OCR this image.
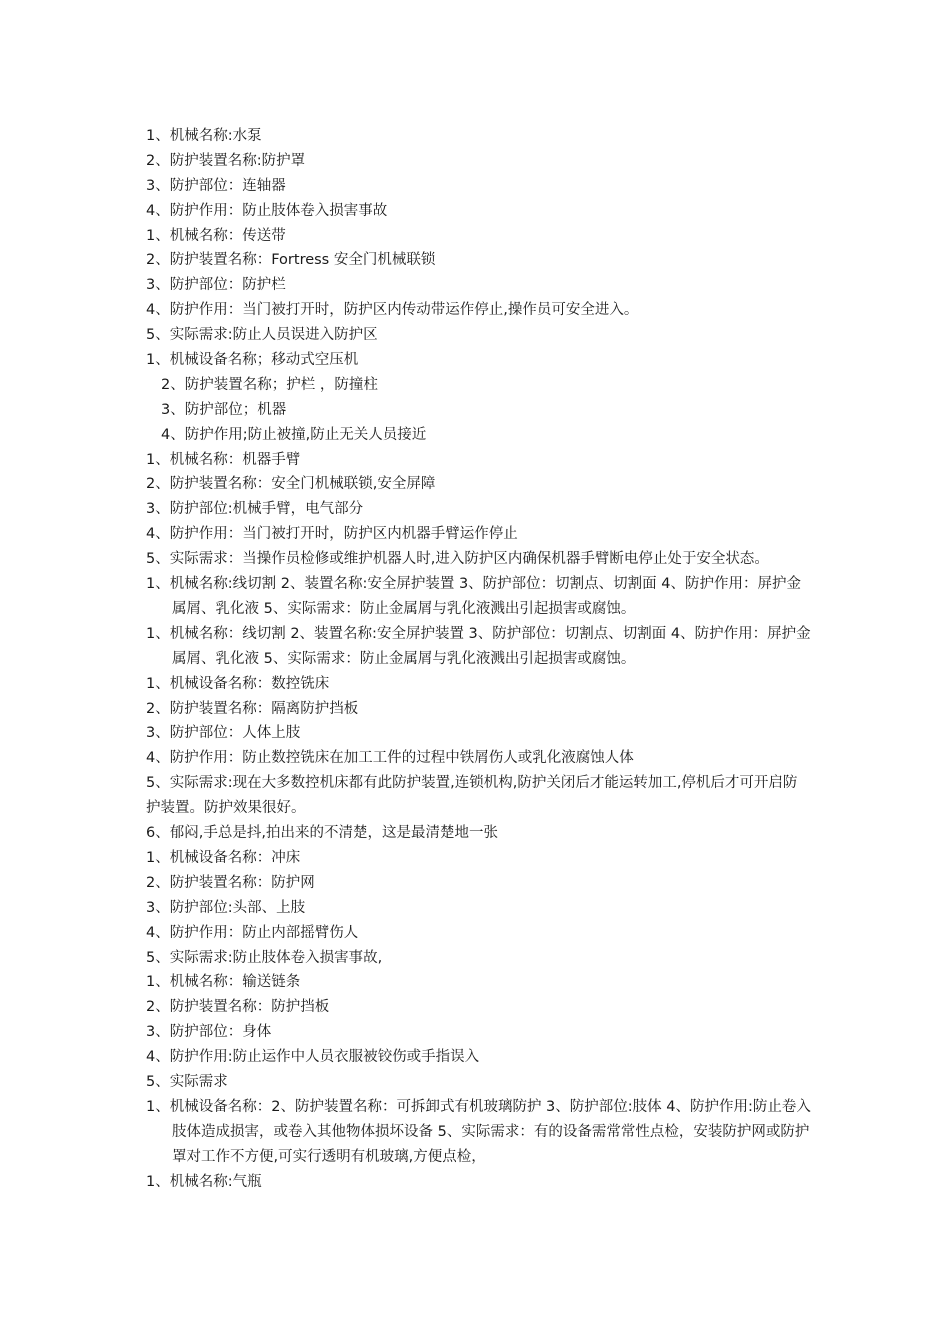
1、机械名称:水泵
2、防护装置名称:防护罩
3、防护部位：连轴器
4、防护作用：防止肢体卷入损害事故
1、机械名称：传送带
2、防护装置名称：Fortress 安全门机械联锁
3、防护部位：防护栏
4、防护作用：当门被打开时，防护区内传动带运作停止,操作员可安全进入。
5、实际需求:防止人员误进入防护区
1、机械设备名称；移动式空压机
2、防护装置名称；护栏 ，防撞柱
3、防护部位；机器
4、防护作用;防止被撞,防止无关人员接近
1、机械名称：机器手臂
2、防护装置名称：安全门机械联锁,安全屏障
3、防护部位:机械手臂，电气部分
4、防护作用：当门被打开时，防护区内机器手臂运作停止
5、实际需求：当操作员检修或维护机器人时,进入防护区内确保机器手臂断电停止处于安全状态。
1、机械名称:线切割 2、装置名称:安全屏护装置 3、防护部位：切割点、切割面 4、防护作用：屏护金属屑、乳化液 5、实际需求：防止金属屑与乳化液溅出引起损害或腐蚀。
1、机械名称：线切割 2、装置名称:安全屏护装置 3、防护部位：切割点、切割面 4、防护作用：屏护金属屑、乳化液 5、实际需求：防止金属屑与乳化液溅出引起损害或腐蚀。
1、机械设备名称：数控铣床
2、防护装置名称：隔离防护挡板
3、防护部位：人体上肢
4、防护作用：防止数控铣床在加工工件的过程中铁屑伤人或乳化液腐蚀人体
5、实际需求:现在大多数控机床都有此防护装置,连锁机构,防护关闭后才能运转加工,停机后才可开启防护装置。防护效果很好。
6、郁闷,手总是抖,拍出来的不清楚，这是最清楚地一张
1、机械设备名称：冲床
2、防护装置名称：防护网
3、防护部位:头部、上肢
4、防护作用：防止内部摇臂伤人
5、实际需求:防止肢体卷入损害事故,
1、机械名称：输送链条
2、防护装置名称：防护挡板
3、防护部位：身体
4、防护作用:防止运作中人员衣服被铰伤或手指误入
5、实际需求
1、机械设备名称：2、防护装置名称：可拆卸式有机玻璃防护 3、防护部位:肢体 4、防护作用:防止卷入肢体造成损害，或卷入其他物体损坏设备 5、实际需求：有的设备需常常性点检，安装防护网或防护罩对工作不方便,可实行透明有机玻璃,方便点检，
1、机械名称:气瓶
